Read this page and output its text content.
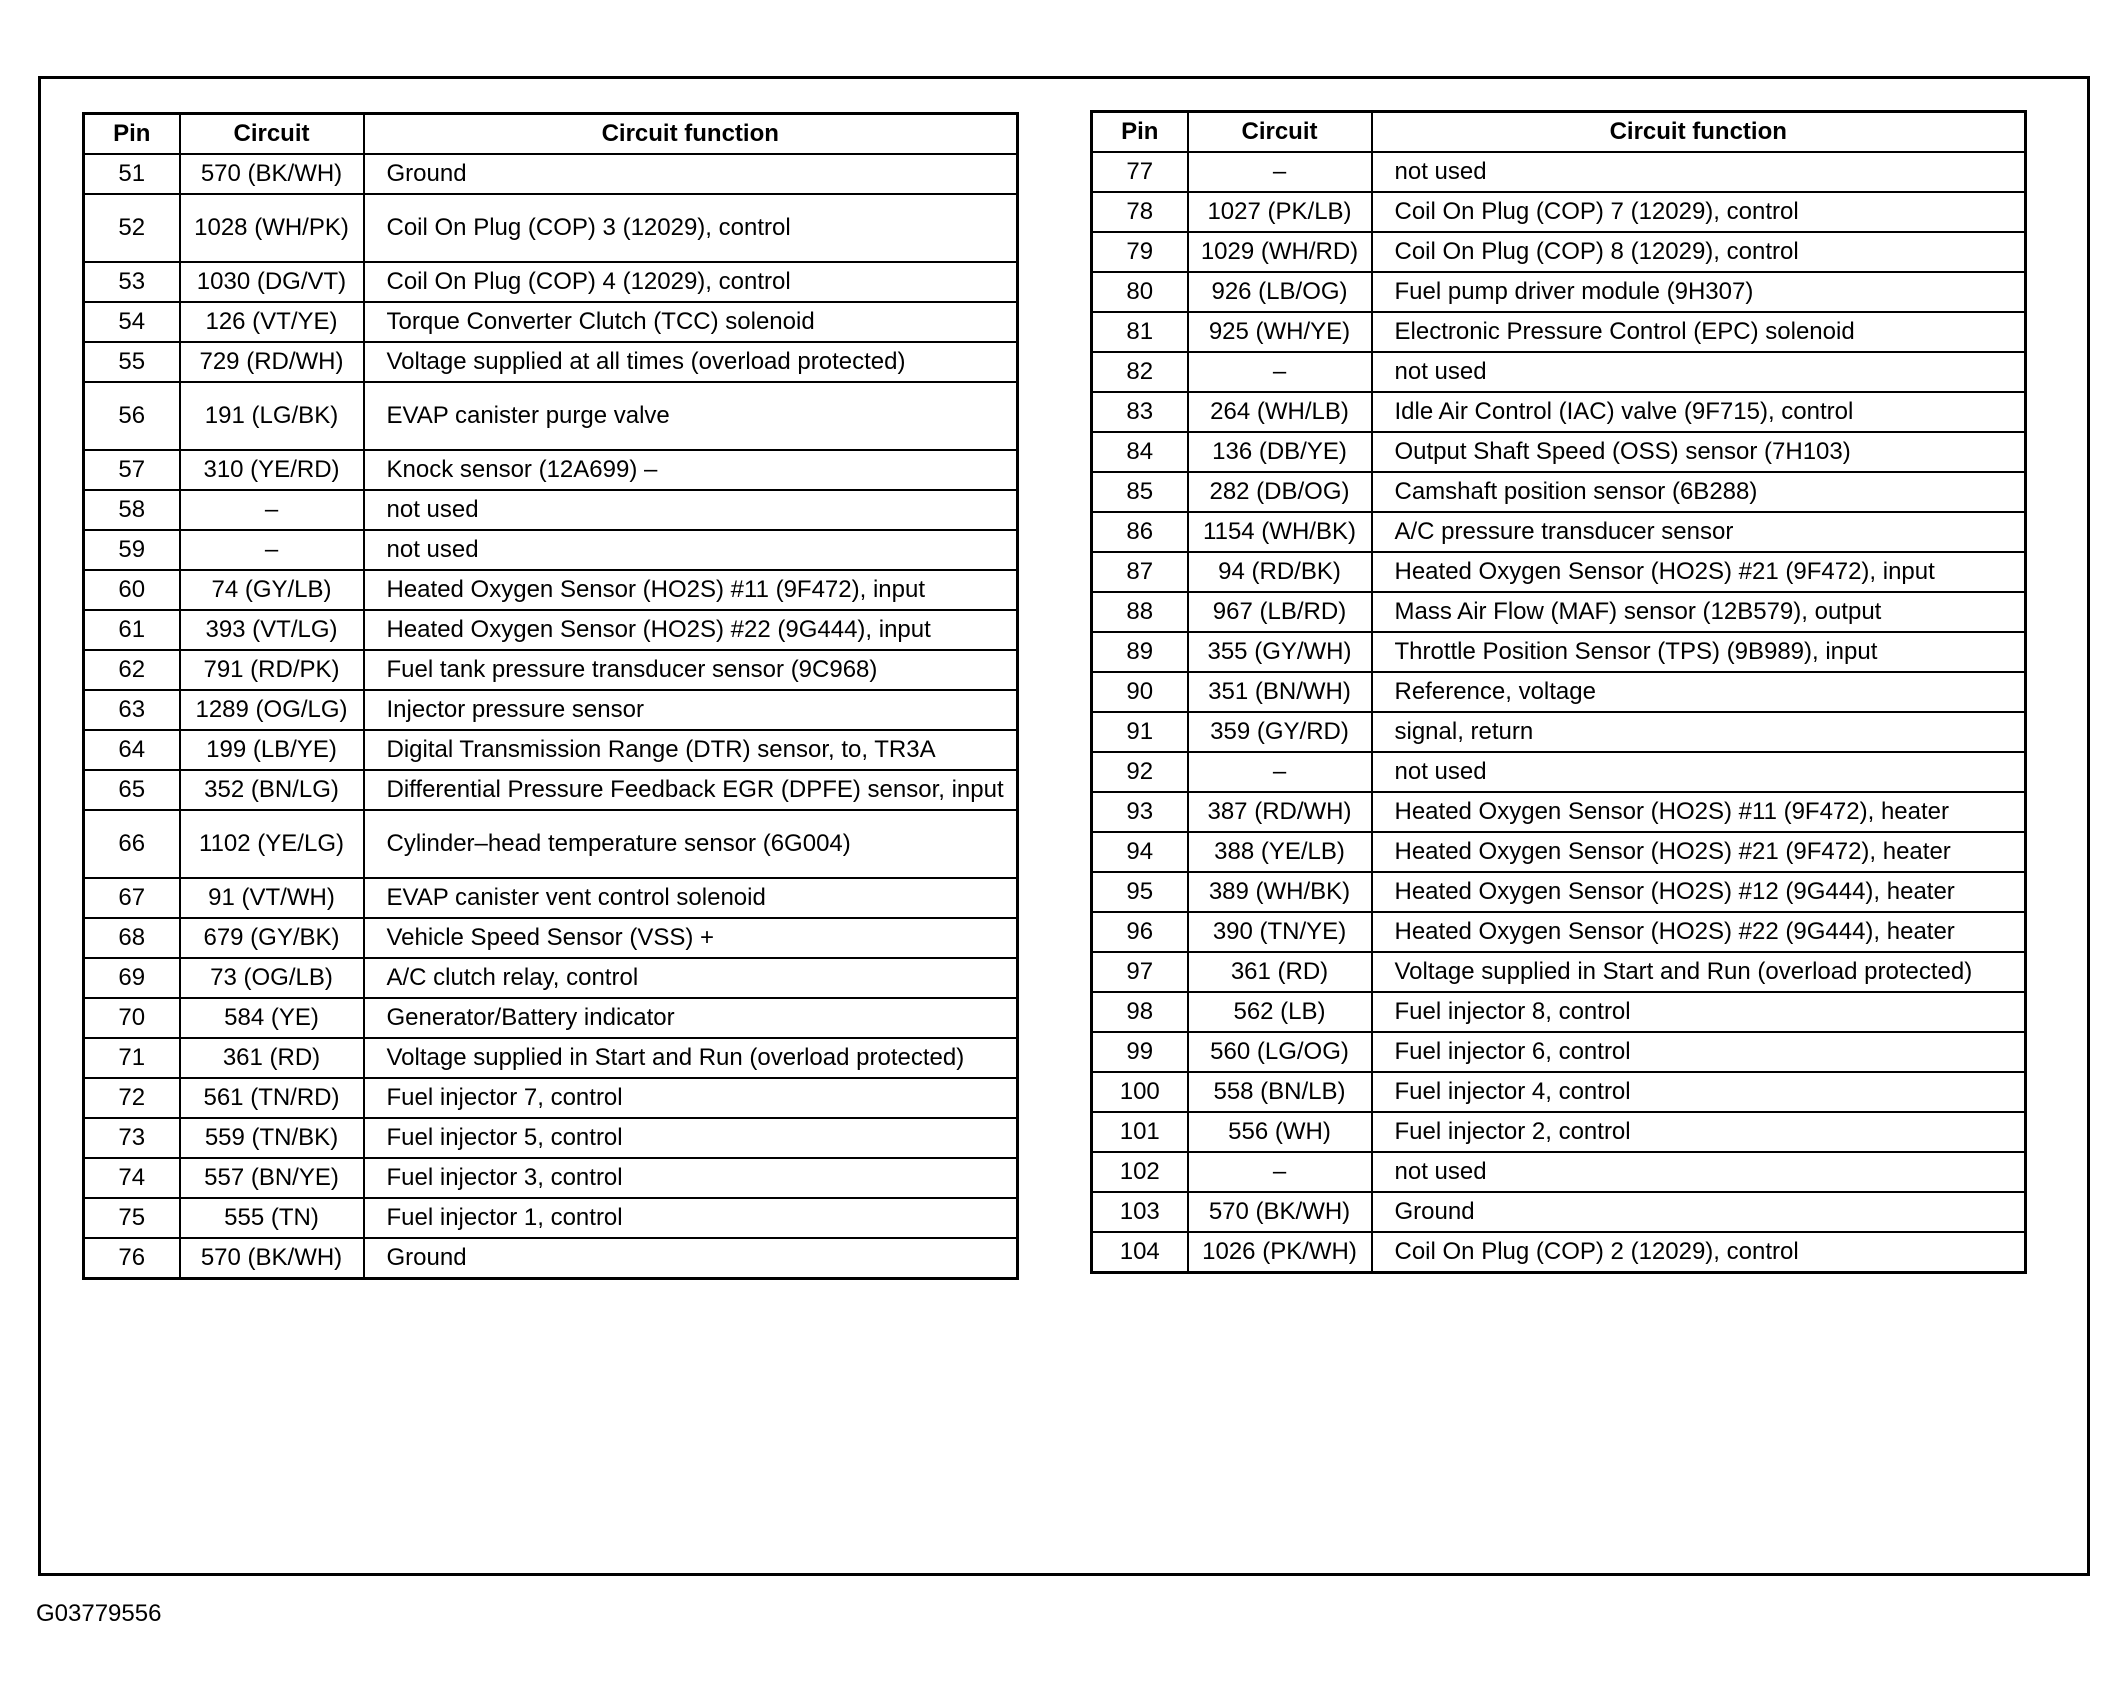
Pin	Circuit	Circuit function
51	570 (BK/WH)	Ground
52	1028 (WH/PK)	Coil On Plug (COP) 3 (12029), control
53	1030 (DG/VT)	Coil On Plug (COP) 4 (12029), control
54	126 (VT/YE)	Torque Converter Clutch (TCC) solenoid
55	729 (RD/WH)	Voltage supplied at all times (overload protected)
56	191 (LG/BK)	EVAP canister purge valve
57	310 (YE/RD)	Knock sensor (12A699) –
58	–	not used
59	–	not used
60	74 (GY/LB)	Heated Oxygen Sensor (HO2S) #11 (9F472), input
61	393 (VT/LG)	Heated Oxygen Sensor (HO2S) #22 (9G444), input
62	791 (RD/PK)	Fuel tank pressure transducer sensor (9C968)
63	1289 (OG/LG)	Injector pressure sensor
64	199 (LB/YE)	Digital Transmission Range (DTR) sensor, to, TR3A
65	352 (BN/LG)	Differential Pressure Feedback EGR (DPFE) sensor, input
66	1102 (YE/LG)	Cylinder–head temperature sensor (6G004)
67	91 (VT/WH)	EVAP canister vent control solenoid
68	679 (GY/BK)	Vehicle Speed Sensor (VSS) +
69	73 (OG/LB)	A/C clutch relay, control
70	584 (YE)	Generator/Battery indicator
71	361 (RD)	Voltage supplied in Start and Run (overload protected)
72	561 (TN/RD)	Fuel injector 7, control
73	559 (TN/BK)	Fuel injector 5, control
74	557 (BN/YE)	Fuel injector 3, control
75	555 (TN)	Fuel injector 1, control
76	570 (BK/WH)	Ground
Pin	Circuit	Circuit function
77	–	not used
78	1027 (PK/LB)	Coil On Plug (COP) 7 (12029), control
79	1029 (WH/RD)	Coil On Plug (COP) 8 (12029), control
80	926 (LB/OG)	Fuel pump driver module (9H307)
81	925 (WH/YE)	Electronic Pressure Control (EPC) solenoid
82	–	not used
83	264 (WH/LB)	Idle Air Control (IAC) valve (9F715), control
84	136 (DB/YE)	Output Shaft Speed (OSS) sensor (7H103)
85	282 (DB/OG)	Camshaft position sensor (6B288)
86	1154 (WH/BK)	A/C pressure transducer sensor
87	94 (RD/BK)	Heated Oxygen Sensor (HO2S) #21 (9F472), input
88	967 (LB/RD)	Mass Air Flow (MAF) sensor (12B579), output
89	355 (GY/WH)	Throttle Position Sensor (TPS) (9B989), input
90	351 (BN/WH)	Reference, voltage
91	359 (GY/RD)	signal, return
92	–	not used
93	387 (RD/WH)	Heated Oxygen Sensor (HO2S) #11 (9F472), heater
94	388 (YE/LB)	Heated Oxygen Sensor (HO2S) #21 (9F472), heater
95	389 (WH/BK)	Heated Oxygen Sensor (HO2S) #12 (9G444), heater
96	390 (TN/YE)	Heated Oxygen Sensor (HO2S) #22 (9G444), heater
97	361 (RD)	Voltage supplied in Start and Run (overload protected)
98	562 (LB)	Fuel injector 8, control
99	560 (LG/OG)	Fuel injector 6, control
100	558 (BN/LB)	Fuel injector 4, control
101	556 (WH)	Fuel injector 2, control
102	–	not used
103	570 (BK/WH)	Ground
104	1026 (PK/WH)	Coil On Plug (COP) 2 (12029), control
G03779556
